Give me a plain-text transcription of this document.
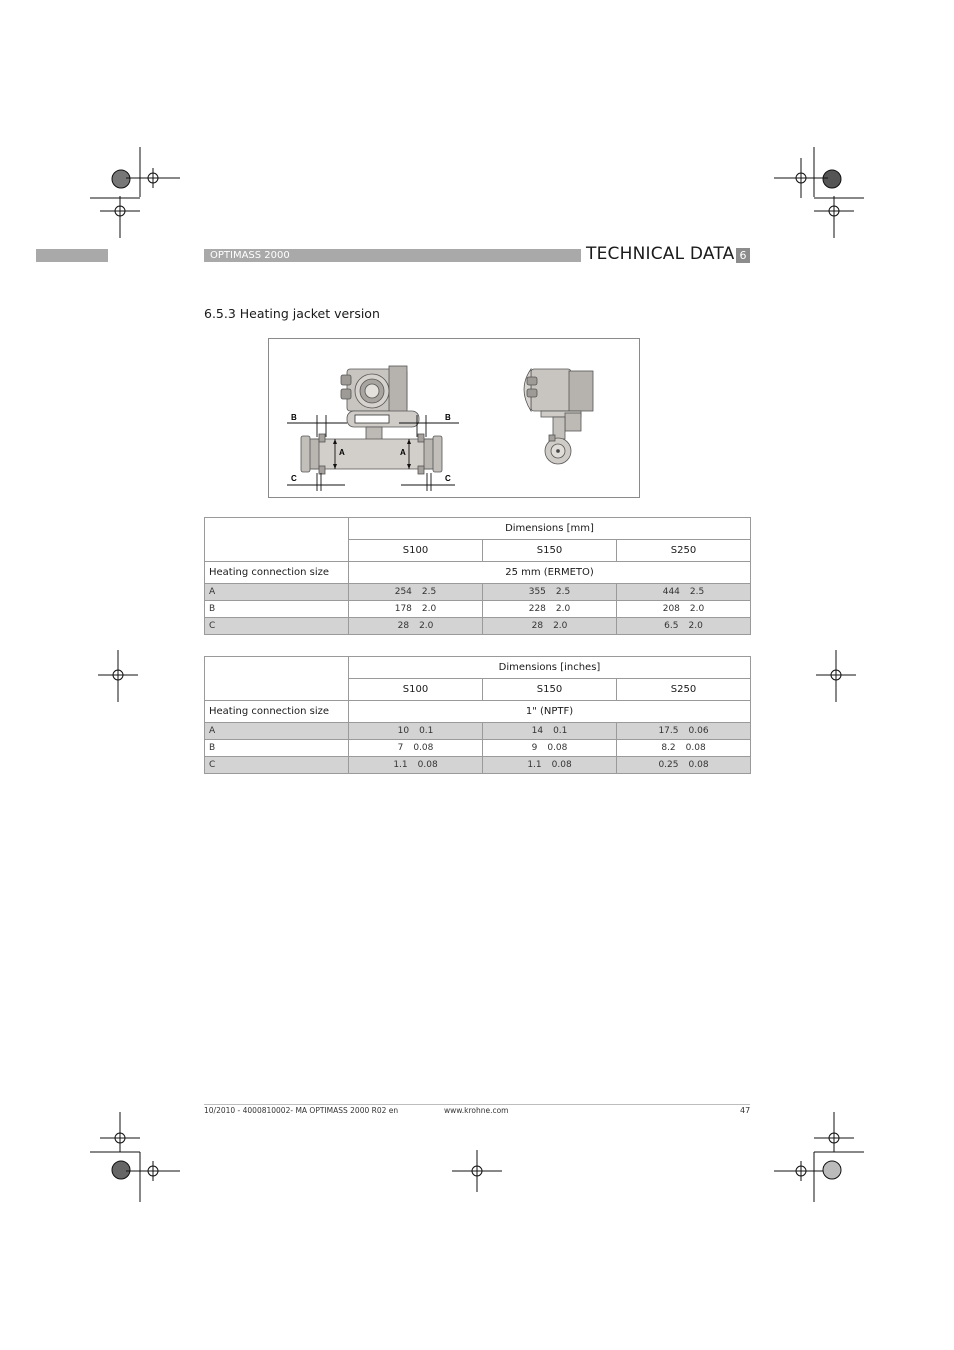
OPTIMASS 2000	TECHNICAL DATA 6
6.5.3 Heating jacket version
B	B
A	A
C	C
	Dimensions [mm]		
	S100	S150	S250
Heating connection size	25 mm (ERMETO)		
A	254 2.5	355 2.5	444 2.5
B	178 2.0	228 2.0	208 2.0
C	28 2.0	28 2.0	6.5 2.0
	Dimensions [inches]		
	S100	S150	S250
Heating connection size	1" (NPTF)		
A	10 0.1	14 0.1	17.5 0.06
B	7 0.08	9 0.08	8.2 0.08
C	1.1 0.08	1.1 0.08	0.25 0.08
10/2010 - 4000810002- MA OPTIMASS 2000 R02 en	www.krohne.com	47
